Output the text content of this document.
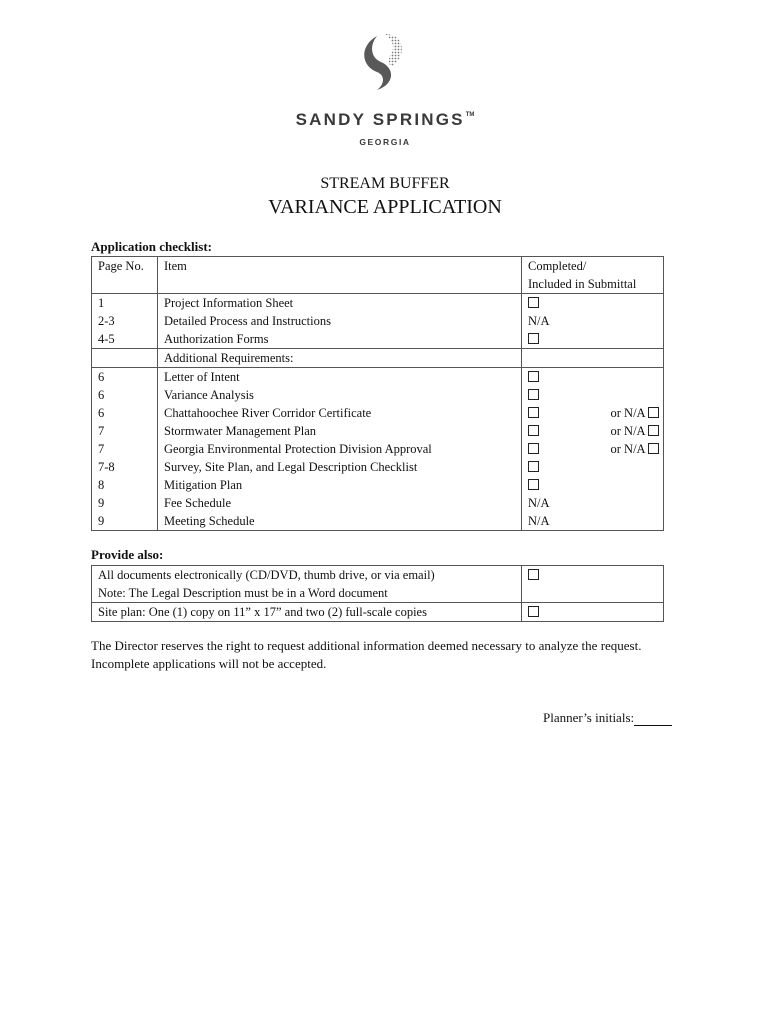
SANDY SPRINGS™
GEORGIA
STREAM BUFFER
VARIANCE APPLICATION
Application checklist:
Page No.	Item	Completed/
Included in Submittal

1	Project Information Sheet	
2-3	Detailed Process and Instructions	N/A
4-5	Authorization Forms	
	Additional Requirements:	
6	Letter of Intent	
6	Variance Analysis	
6	Chattahoochee River Corridor Certificate	or N/A

7	Stormwater Management Plan	or N/A

7	Georgia Environmental Protection Division Approval	or N/A

7-8	Survey, Site Plan, and Legal Description Checklist	
8	Mitigation Plan	
9	Fee Schedule	N/A
9	Meeting Schedule	N/A
Provide also:
All documents electronically (CD/DVD, thumb drive, or via email)
Note: The Legal Description must be in a Word document	

Site plan: One (1) copy on 11” x 17” and two (2) full-scale copies	
The Director reserves the right to request additional information deemed necessary to analyze the request.
Incomplete applications will not be accepted.
Planner’s initials:
